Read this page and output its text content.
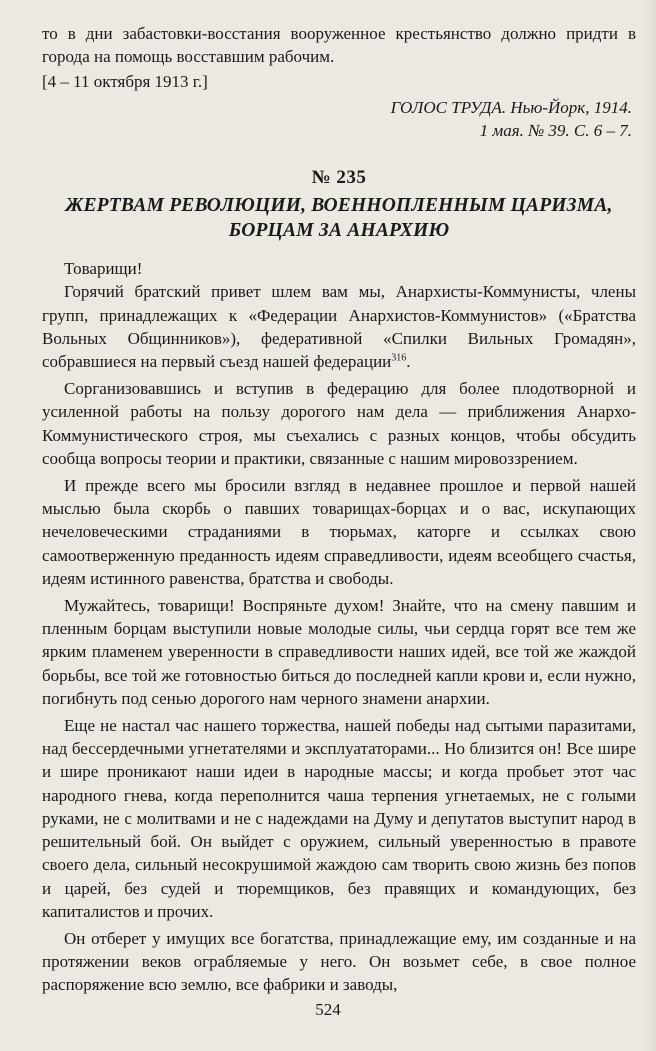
то в дни забастовки-восстания вооруженное крестьянство должно придти в города на помощь восставшим рабочим.

[4 – 11 октября 1913 г.]

ГОЛОС ТРУДА. Нью-Йорк, 1914.
1 мая. № 39. С. 6 – 7.
№ 235
ЖЕРТВАМ РЕВОЛЮЦИИ, ВОЕННОПЛЕННЫМ ЦАРИЗМА, БОРЦАМ ЗА АНАРХИЮ

Товарищи!

Горячий братский привет шлем вам мы, Анархисты-Коммунисты, члены групп, принадлежащих к «Федерации Анархистов-Коммунистов» («Братства Вольных Общинников»), федеративной «Спилки Вильных Громадян», собравшиеся на первый съезд нашей федерации$^{316}$.

Сорганизовавшись и вступив в федерацию для более плодотворной и усиленной работы на пользу дорогого нам дела — приближения Анархо-Коммунистического строя, мы съехались с разных концов, чтобы обсудить сообща вопросы теории и практики, связанные с нашим мировоззрением.

И прежде всего мы бросили взгляд в недавнее прошлое и первой нашей мыслью была скорбь о павших товарищах-борцах и о вас, искупающих нечеловеческими страданиями в тюрьмах, каторге и ссылках свою самоотверженную преданность идеям справедливости, идеям всеобщего счастья, идеям истинного равенства, братства и свободы.

Мужайтесь, товарищи! Воспряньте духом! Знайте, что на смену павшим и пленным борцам выступили новые молодые силы, чьи сердца горят все тем же ярким пламенем уверенности в справедливости наших идей, все той же жаждой борьбы, все той же готовностью биться до последней капли крови и, если нужно, погибнуть под сенью дорогого нам черного знамени анархии.

Еще не настал час нашего торжества, нашей победы над сытыми паразитами, над бессердечными угнетателями и эксплуататорами... Но близится он! Все шире и шире проникают наши идеи в народные массы; и когда пробьет этот час народного гнева, когда переполнится чаша терпения угнетаемых, не с голыми руками, не с молитвами и не с надеждами на Думу и депутатов выступит народ в решительный бой. Он выйдет с оружием, сильный уверенностью в правоте своего дела, сильный несокрушимой жаждою сам творить свою жизнь без попов и царей, без судей и тюремщиков, без правящих и командующих, без капиталистов и прочих.

Он отберет у имущих все богатства, принадлежащие ему, им созданные и на протяжении веков ограбляемые у него. Он возьмет себе, в свое полное распоряжение всю землю, все фабрики и заводы,

524
